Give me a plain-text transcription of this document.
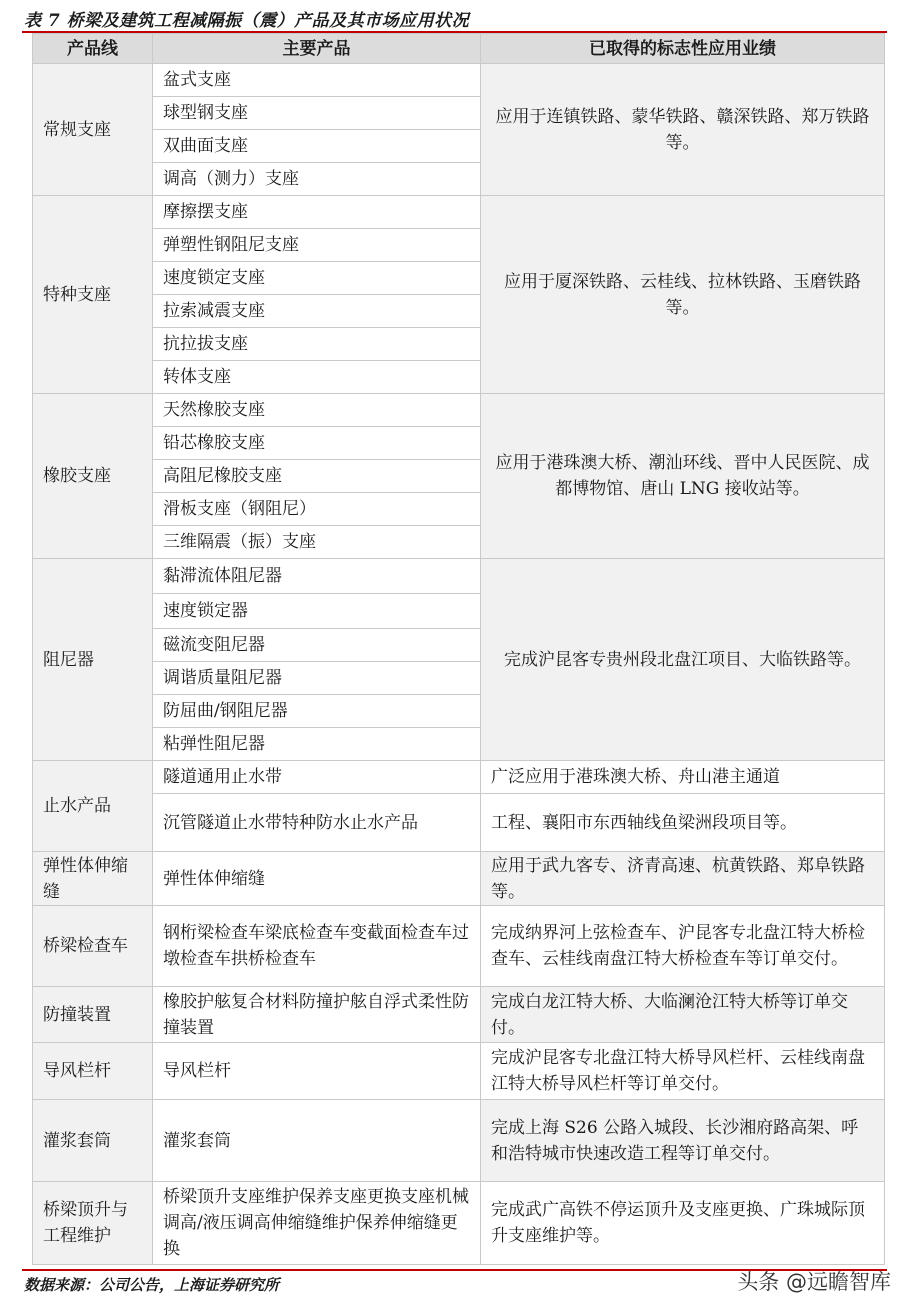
表 7 桥梁及建筑工程减隔振（震）产品及其市场应用状况
产品线	主要产品	已取得的标志性应用业绩
常规支座	盆式支座	应用于连镇铁路、蒙华铁路、赣深铁路、郑万铁路等。
	球型钢支座	
	双曲面支座	
	调高（测力）支座	
特种支座	摩擦摆支座	应用于厦深铁路、云桂线、拉林铁路、玉磨铁路等。
	弹塑性钢阻尼支座	
	速度锁定支座	
	拉索减震支座	
	抗拉拔支座	
	转体支座	
橡胶支座	天然橡胶支座	应用于港珠澳大桥、潮汕环线、晋中人民医院、成都博物馆、唐山 LNG 接收站等。
	铅芯橡胶支座	
	高阻尼橡胶支座	
	滑板支座（钢阻尼）	
	三维隔震（振）支座	
阻尼器	黏滞流体阻尼器	完成沪昆客专贵州段北盘江项目、大临铁路等。
	速度锁定器	
	磁流变阻尼器	
	调谐质量阻尼器	
	防屈曲/钢阻尼器	
	粘弹性阻尼器	
止水产品	隧道通用止水带	广泛应用于港珠澳大桥、舟山港主通道
	沉管隧道止水带特种防水止水产品	工程、襄阳市东西轴线鱼梁洲段项目等。
弹性体伸缩缝	弹性体伸缩缝	应用于武九客专、济青高速、杭黄铁路、郑阜铁路等。
桥梁检查车	钢桁梁检查车梁底检查车变截面检查车过墩检查车拱桥检查车	完成纳界河上弦检查车、沪昆客专北盘江特大桥检查车、云桂线南盘江特大桥检查车等订单交付。
防撞装置	橡胶护舷复合材料防撞护舷自浮式柔性防撞装置	完成白龙江特大桥、大临澜沧江特大桥等订单交付。
导风栏杆	导风栏杆	完成沪昆客专北盘江特大桥导风栏杆、云桂线南盘江特大桥导风栏杆等订单交付。
灌浆套筒	灌浆套筒	完成上海 S26 公路入城段、长沙湘府路高架、呼和浩特城市快速改造工程等订单交付。
桥梁顶升与工程维护	桥梁顶升支座维护保养支座更换支座机械调高/液压调高伸缩缝维护保养伸缩缝更换	完成武广高铁不停运顶升及支座更换、广珠城际顶升支座维护等。
数据来源：公司公告，上海证券研究所	头条 @远瞻智库
